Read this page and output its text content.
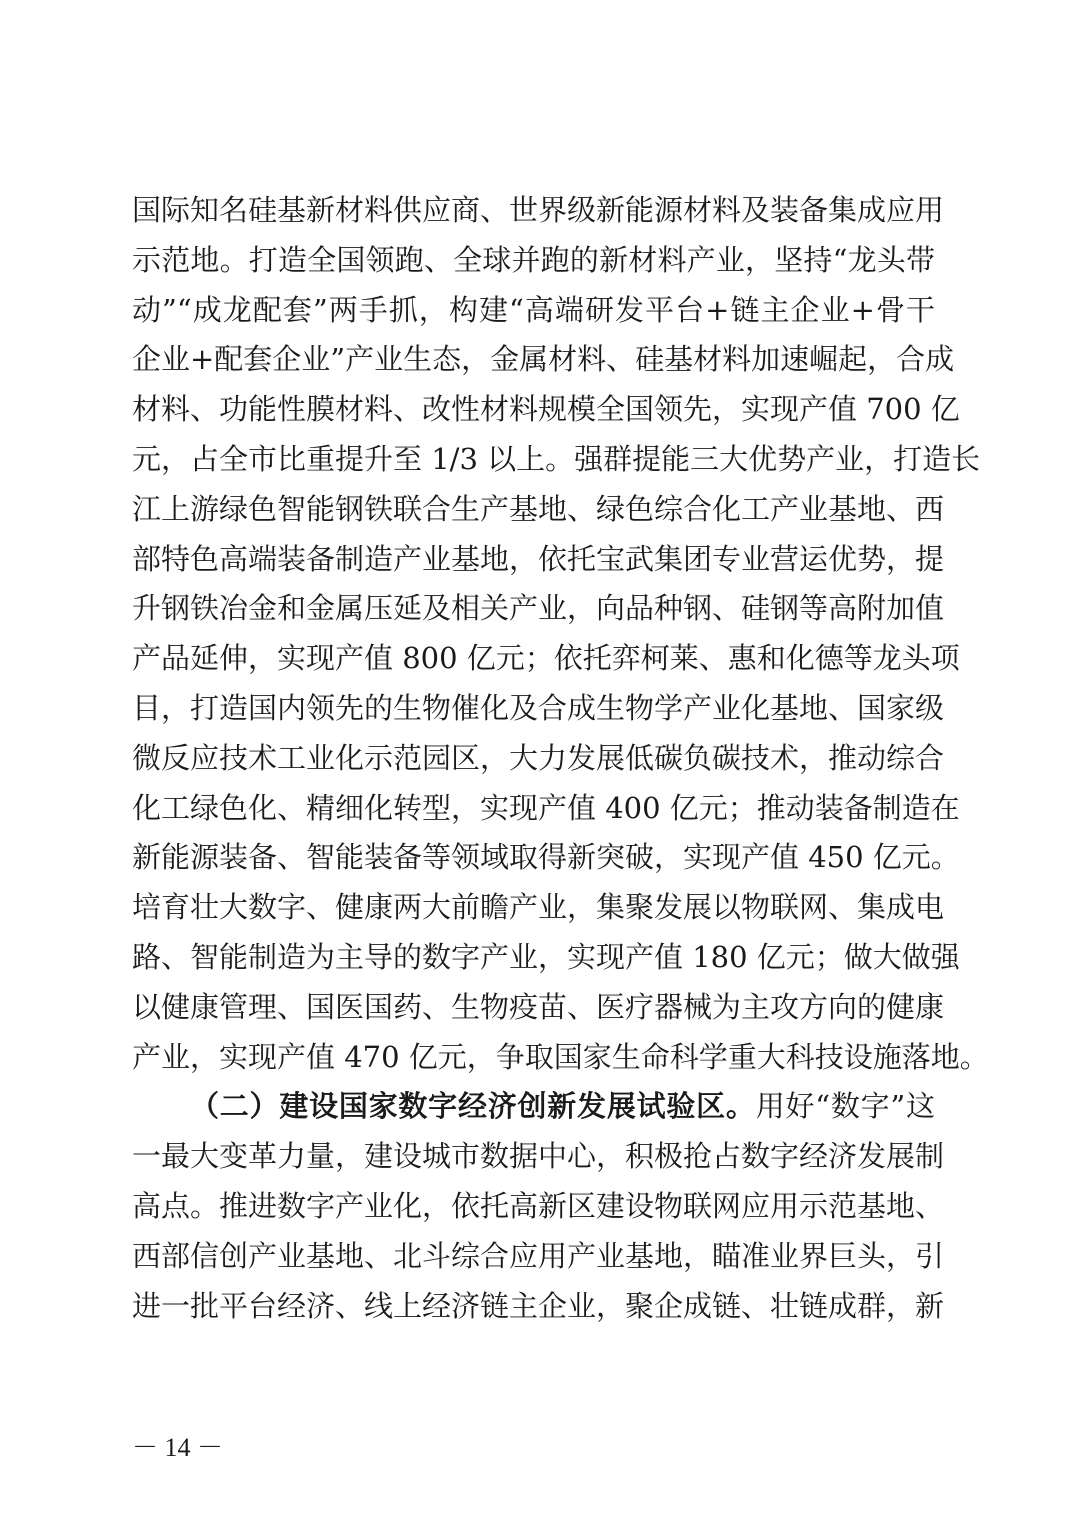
国际知名硅基新材料供应商、世界级新能源材料及装备集成应用
示范地。打造全国领跑、全球并跑的新材料产业，坚持“龙头带
动”“成龙配套”两手抓，构建“高端研发平台+链主企业+骨干
企业+配套企业”产业生态，金属材料、硅基材料加速崛起，合成
材料、功能性膜材料、改性材料规模全国领先，实现产值 700 亿
元，占全市比重提升至 1/3 以上。强群提能三大优势产业，打造长
江上游绿色智能钢铁联合生产基地、绿色综合化工产业基地、西
部特色高端装备制造产业基地，依托宝武集团专业营运优势，提
升钢铁冶金和金属压延及相关产业，向品种钢、硅钢等高附加值
产品延伸，实现产值 800 亿元；依托弈柯莱、惠和化德等龙头项
目，打造国内领先的生物催化及合成生物学产业化基地、国家级
微反应技术工业化示范园区，大力发展低碳负碳技术，推动综合
化工绿色化、精细化转型，实现产值 400 亿元；推动装备制造在
新能源装备、智能装备等领域取得新突破，实现产值 450 亿元。
培育壮大数字、健康两大前瞻产业，集聚发展以物联网、集成电
路、智能制造为主导的数字产业，实现产值 180 亿元；做大做强
以健康管理、国医国药、生物疫苗、医疗器械为主攻方向的健康
产业，实现产值 470 亿元，争取国家生命科学重大科技设施落地。
（二）建设国家数字经济创新发展试验区。用好“数字”这
一最大变革力量，建设城市数据中心，积极抢占数字经济发展制
高点。推进数字产业化，依托高新区建设物联网应用示范基地、
西部信创产业基地、北斗综合应用产业基地，瞄准业界巨头，引
进一批平台经济、线上经济链主企业，聚企成链、壮链成群，新
－ 14 －
